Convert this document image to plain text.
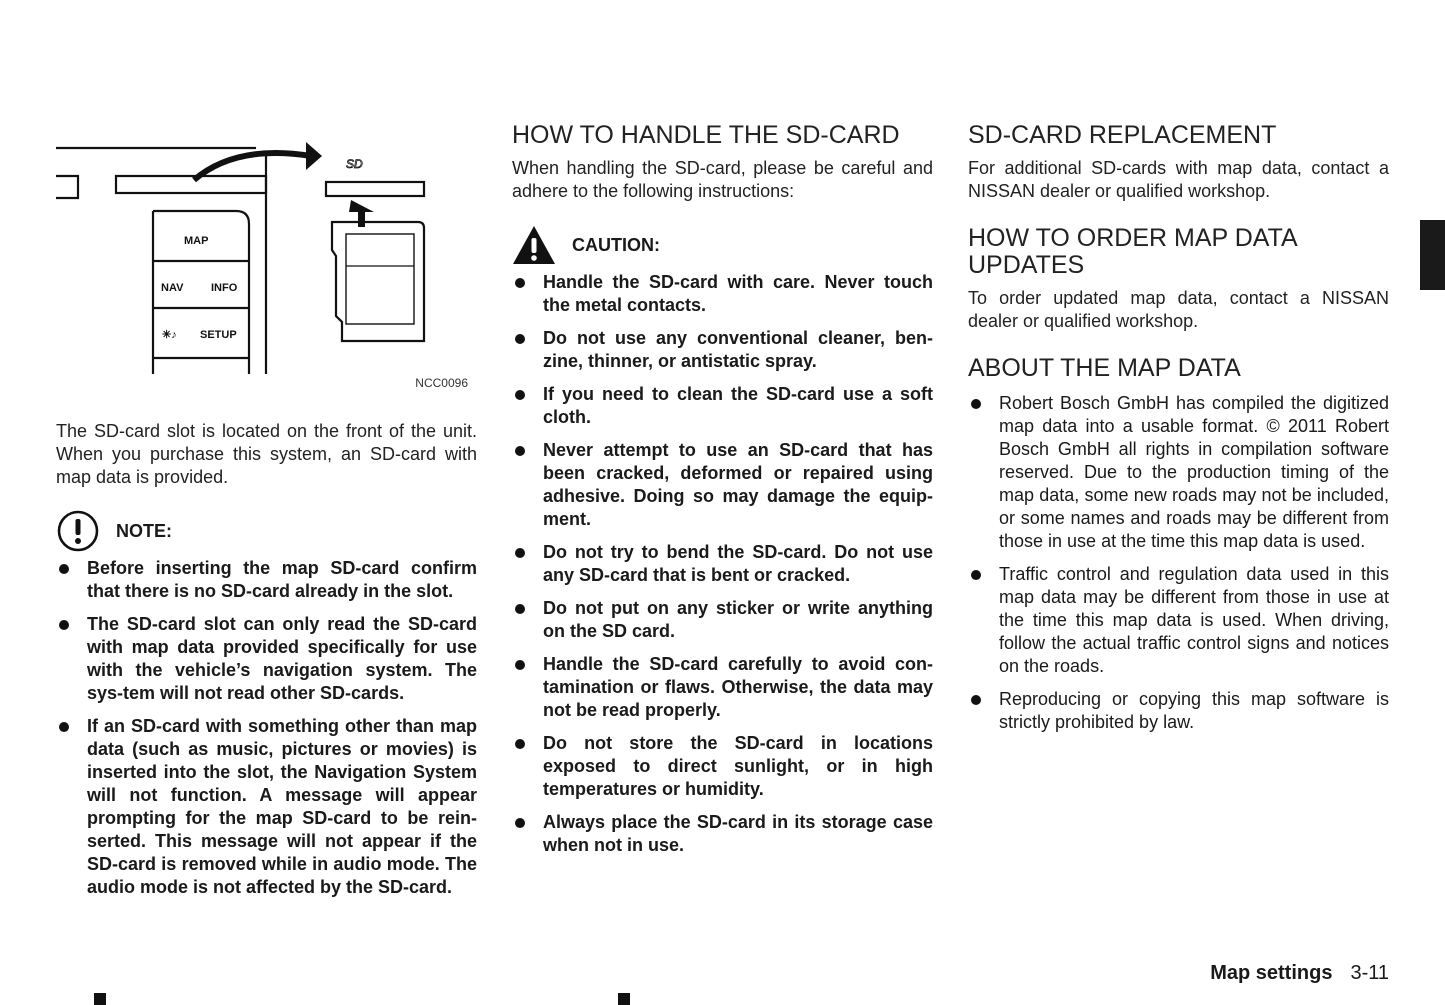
MAP
NAV	INFO
✳♪ SETUP
SD
NCC0096

The SD-card slot is located on the front of the unit. When you purchase this system, an SD-card with map data is provided.

NOTE:
Before inserting the map SD-card confirm that there is no SD-card already in the slot.
The SD-card slot can only read the SD-card with map data provided specifically for use with the vehicle’s navigation system. The sys-tem will not read other SD-cards.
If an SD-card with something other than map data (such as music, pictures or movies) is inserted into the slot, the Navigation System will not function. A message will appear prompting for the map SD-card to be rein-serted. This message will not appear if the SD-card is removed while in audio mode. The audio mode is not affected by the SD-card.
HOW TO HANDLE THE SD-CARD

When handling the SD-card, please be careful and adhere to the following instructions:

CAUTION:
Handle the SD-card with care. Never touch the metal contacts.
Do not use any conventional cleaner, ben-zine, thinner, or antistatic spray.
If you need to clean the SD-card use a soft cloth.
Never attempt to use an SD-card that has been cracked, deformed or repaired using adhesive. Doing so may damage the equip-ment.
Do not try to bend the SD-card. Do not use any SD-card that is bent or cracked.
Do not put on any sticker or write anything on the SD card.
Handle the SD-card carefully to avoid con-tamination or flaws. Otherwise, the data may not be read properly.
Do not store the SD-card in locations exposed to direct sunlight, or in high temperatures or humidity.
Always place the SD-card in its storage case when not in use.
SD-CARD REPLACEMENT

For additional SD-cards with map data, contact a NISSAN dealer or qualified workshop.

HOW TO ORDER MAP DATA UPDATES

To order updated map data, contact a NISSAN dealer or qualified workshop.

ABOUT THE MAP DATA
Robert Bosch GmbH has compiled the digitized map data into a usable format. © 2011 Robert Bosch GmbH all rights in compilation software reserved. Due to the production timing of the map data, some new roads may not be included, or some names and roads may be different from those in use at the time this map data is used.
Traffic control and regulation data used in this map data may be different from those in use at the time this map data is used. When driving, follow the actual traffic control signs and notices on the roads.
Reproducing or copying this map software is strictly prohibited by law.
Map settings 3-11
